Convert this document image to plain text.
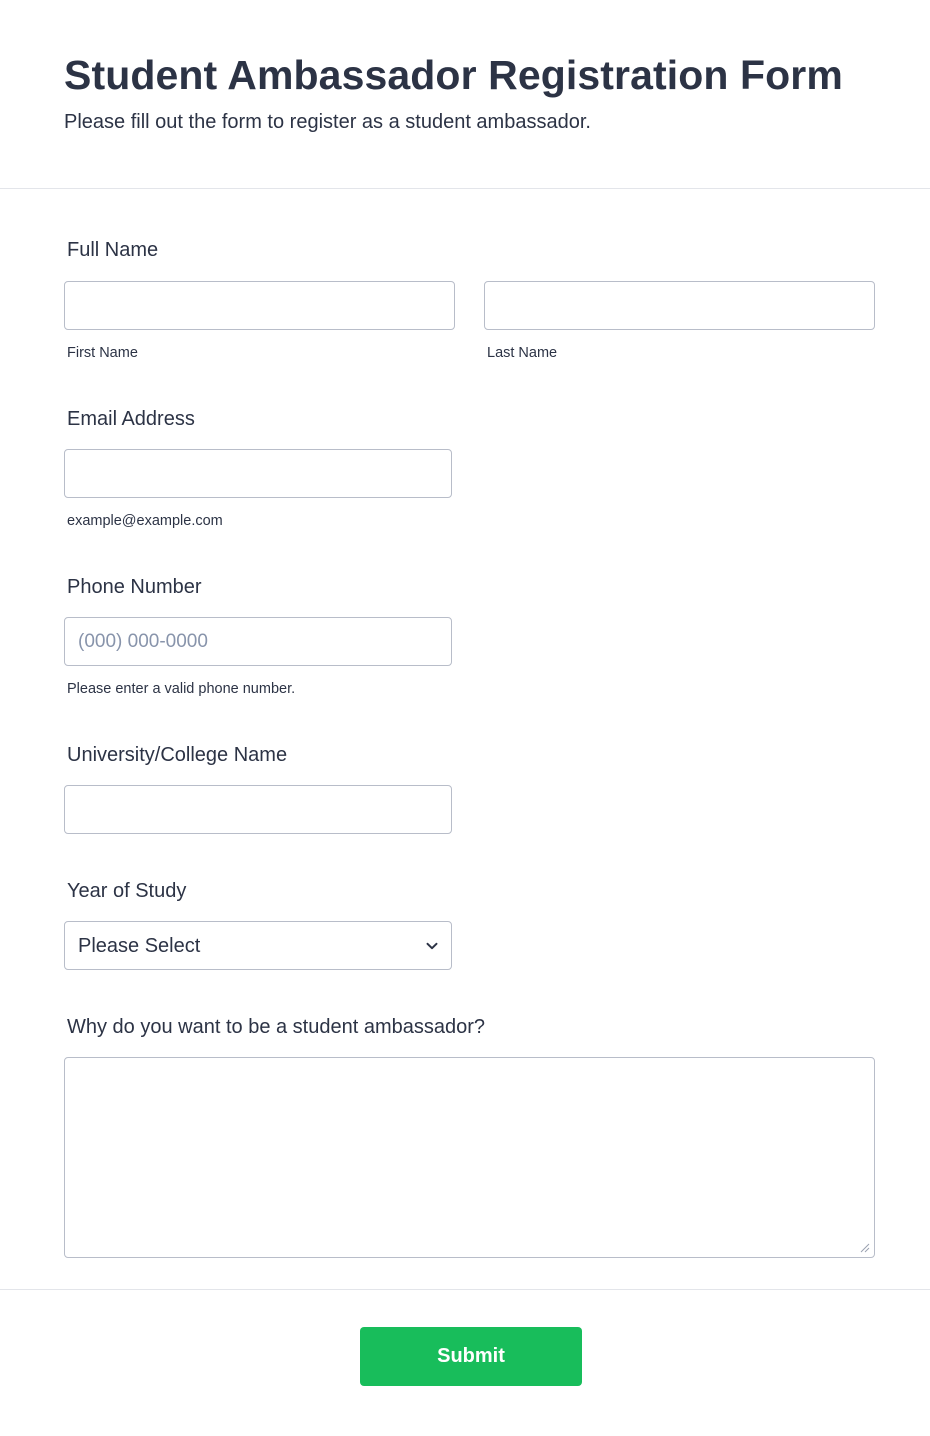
Student Ambassador Registration Form

Please fill out the form to register as a student ambassador.

Full Name
First Name	Last Name
Email Address
example@example.com
Phone Number
(000) 000-0000
Please enter a valid phone number.
University/College Name
Year of Study
Please Select
Why do you want to be a student ambassador?
Submit
